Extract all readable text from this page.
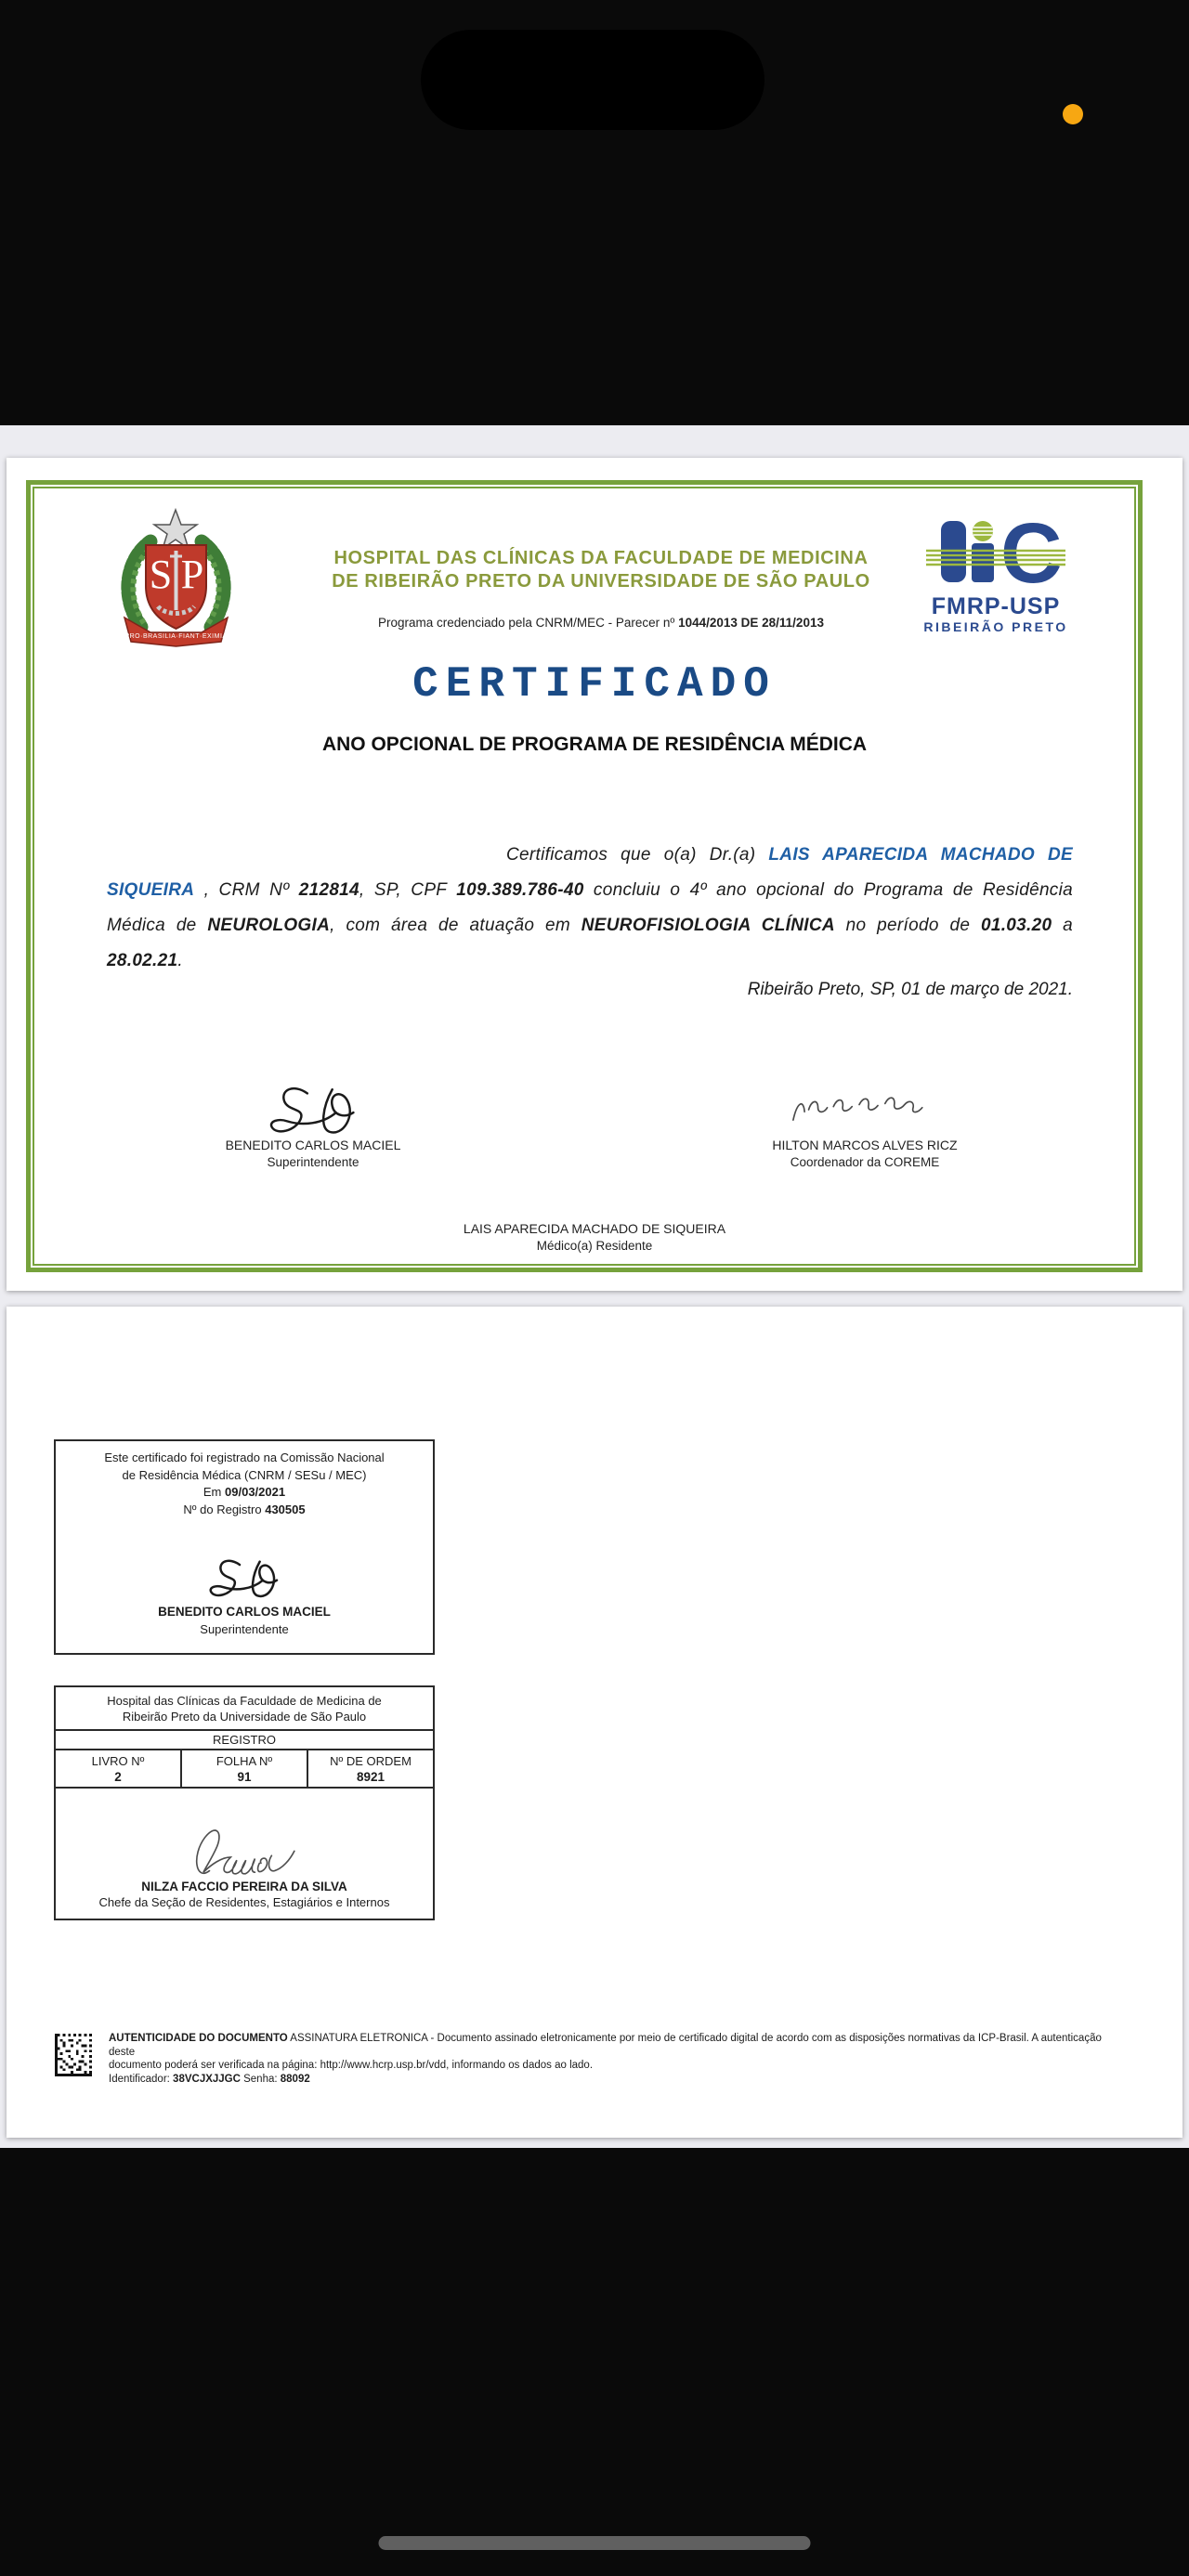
S P
PRO·BRASILIA·FIANT·EXIMIA
HOSPITAL DAS CLÍNICAS DA FACULDADE DE MEDICINA
DE RIBEIRÃO PRETO DA UNIVERSIDADE DE SÃO PAULO
Programa credenciado pela CNRM/MEC - Parecer nº 1044/2013 DE 28/11/2013
C
FMRP-USP
RIBEIRÃO PRETO
CERTIFICADO
ANO OPCIONAL DE PROGRAMA DE RESIDÊNCIA MÉDICA

Certificamos que o(a) Dr.(a) LAIS APARECIDA MACHADO DE SIQUEIRA , CRM Nº 212814, SP, CPF 109.389.786-40 concluiu o 4º ano opcional do Programa de Residência Médica de NEUROLOGIA, com área de atuação em NEUROFISIOLOGIA CLÍNICA no período de 01.03.20 a 28.02.21.

Ribeirão Preto, SP, 01 de março de 2021.
BENEDITO CARLOS MACIEL
Superintendente
HILTON MARCOS ALVES RICZ
Coordenador da COREME
LAIS APARECIDA MACHADO DE SIQUEIRA
Médico(a) Residente
Este certificado foi registrado na Comissão Nacional
de Residência Médica (CNRM / SESu / MEC)
Em 09/03/2021
Nº do Registro 430505
BENEDITO CARLOS MACIEL
Superintendente
Hospital das Clínicas da Faculdade de Medicina de
Ribeirão Preto da Universidade de São Paulo
REGISTRO
LIVRO Nº
2
FOLHA Nº
91
Nº DE ORDEM
8921
NILZA FACCIO PEREIRA DA SILVA
Chefe da Seção de Residentes, Estagiários e Internos
AUTENTICIDADE DO DOCUMENTO ASSINATURA ELETRONICA - Documento assinado eletronicamente por meio de certificado digital de acordo com as disposições normativas da ICP-Brasil. A autenticação deste
documento poderá ser verificada na página: http://www.hcrp.usp.br/vdd, informando os dados ao lado.
Identificador: 38VCJXJJGC Senha: 88092
